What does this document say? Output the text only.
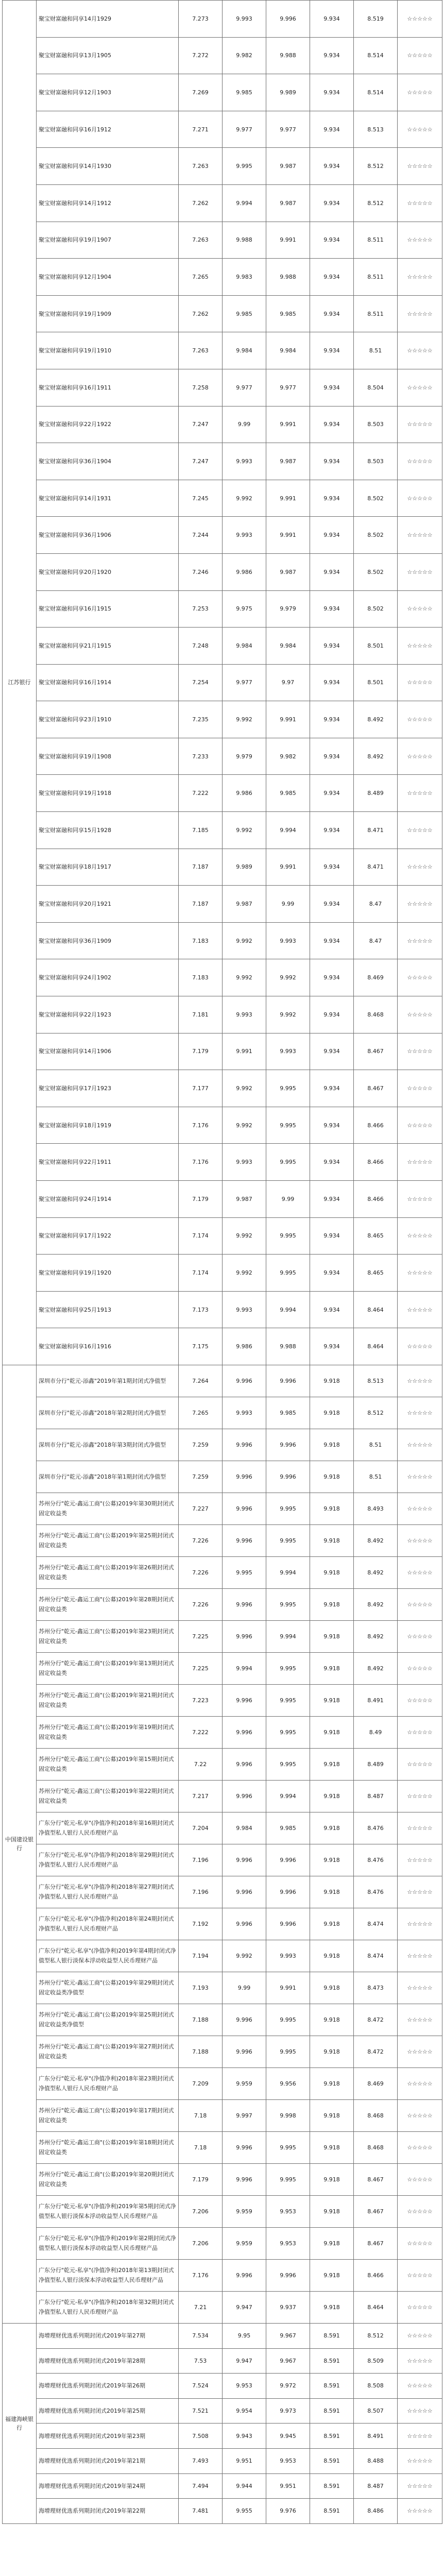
江苏银行	聚宝财富融和同享14月1929	7.273	9.993	9.996	9.934	8.519	☆☆☆☆☆
	聚宝财富融和同享13月1905	7.272	9.982	9.988	9.934	8.514	☆☆☆☆☆
	聚宝财富融和同享12月1903	7.269	9.985	9.989	9.934	8.514	☆☆☆☆☆
	聚宝财富融和同享16月1912	7.271	9.977	9.977	9.934	8.513	☆☆☆☆☆
	聚宝财富融和同享14月1930	7.263	9.995	9.987	9.934	8.512	☆☆☆☆☆
	聚宝财富融和同享14月1912	7.262	9.994	9.987	9.934	8.512	☆☆☆☆☆
	聚宝财富融和同享19月1907	7.263	9.988	9.991	9.934	8.511	☆☆☆☆☆
	聚宝财富融和同享12月1904	7.265	9.983	9.988	9.934	8.511	☆☆☆☆☆
	聚宝财富融和同享19月1909	7.262	9.985	9.985	9.934	8.511	☆☆☆☆☆
	聚宝财富融和同享19月1910	7.263	9.984	9.984	9.934	8.51	☆☆☆☆☆
	聚宝财富融和同享16月1911	7.258	9.977	9.977	9.934	8.504	☆☆☆☆☆
	聚宝财富融和同享22月1922	7.247	9.99	9.991	9.934	8.503	☆☆☆☆☆
	聚宝财富融和同享36月1904	7.247	9.993	9.987	9.934	8.503	☆☆☆☆☆
	聚宝财富融和同享14月1931	7.245	9.992	9.991	9.934	8.502	☆☆☆☆☆
	聚宝财富融和同享36月1906	7.244	9.993	9.991	9.934	8.502	☆☆☆☆☆
	聚宝财富融和同享20月1920	7.246	9.986	9.987	9.934	8.502	☆☆☆☆☆
	聚宝财富融和同享16月1915	7.253	9.975	9.979	9.934	8.502	☆☆☆☆☆
	聚宝财富融和同享21月1915	7.248	9.984	9.984	9.934	8.501	☆☆☆☆☆
	聚宝财富融和同享16月1914	7.254	9.977	9.97	9.934	8.501	☆☆☆☆☆
	聚宝财富融和同享23月1910	7.235	9.992	9.991	9.934	8.492	☆☆☆☆☆
	聚宝财富融和同享19月1908	7.233	9.979	9.982	9.934	8.492	☆☆☆☆☆
	聚宝财富融和同享19月1918	7.222	9.986	9.985	9.934	8.489	☆☆☆☆☆
	聚宝财富融和同享15月1928	7.185	9.992	9.994	9.934	8.471	☆☆☆☆☆
	聚宝财富融和同享18月1917	7.187	9.989	9.991	9.934	8.471	☆☆☆☆☆
	聚宝财富融和同享20月1921	7.187	9.987	9.99	9.934	8.47	☆☆☆☆☆
	聚宝财富融和同享36月1909	7.183	9.992	9.993	9.934	8.47	☆☆☆☆☆
	聚宝财富融和同享24月1902	7.183	9.992	9.992	9.934	8.469	☆☆☆☆☆
	聚宝财富融和同享22月1923	7.181	9.993	9.992	9.934	8.468	☆☆☆☆☆
	聚宝财富融和同享14月1906	7.179	9.991	9.993	9.934	8.467	☆☆☆☆☆
	聚宝财富融和同享17月1923	7.177	9.992	9.995	9.934	8.467	☆☆☆☆☆
	聚宝财富融和同享18月1919	7.176	9.992	9.995	9.934	8.466	☆☆☆☆☆
	聚宝财富融和同享22月1911	7.176	9.993	9.995	9.934	8.466	☆☆☆☆☆
	聚宝财富融和同享24月1914	7.179	9.987	9.99	9.934	8.466	☆☆☆☆☆
	聚宝财富融和同享17月1922	7.174	9.992	9.995	9.934	8.465	☆☆☆☆☆
	聚宝财富融和同享19月1920	7.174	9.992	9.995	9.934	8.465	☆☆☆☆☆
	聚宝财富融和同享25月1913	7.173	9.993	9.994	9.934	8.464	☆☆☆☆☆
	聚宝财富融和同享16月1916	7.175	9.986	9.988	9.934	8.464	☆☆☆☆☆
中国建设银行	深圳市分行"乾元-添鑫"2019年第1期封闭式净值型	7.264	9.996	9.996	9.918	8.513	☆☆☆☆☆
	深圳市分行"乾元-添鑫"2018年第2期封闭式净值型	7.265	9.993	9.985	9.918	8.512	☆☆☆☆☆
	深圳市分行"乾元-添鑫"2018年第3期封闭式净值型	7.259	9.996	9.996	9.918	8.51	☆☆☆☆☆
	深圳市分行"乾元-添鑫"2018年第1期封闭式净值型	7.259	9.996	9.996	9.918	8.51	☆☆☆☆☆
	苏州分行"乾元-鑫运工商"(公募)2019年第30期封闭式固定收益类	7.227	9.996	9.995	9.918	8.493	☆☆☆☆☆
	苏州分行"乾元-鑫运工商"(公募)2019年第25期封闭式固定收益类	7.226	9.996	9.995	9.918	8.492	☆☆☆☆☆
	苏州分行"乾元-鑫运工商"(公募)2019年第26期封闭式固定收益类	7.226	9.995	9.994	9.918	8.492	☆☆☆☆☆
	苏州分行"乾元-鑫运工商"(公募)2019年第28期封闭式固定收益类	7.226	9.996	9.995	9.918	8.492	☆☆☆☆☆
	苏州分行"乾元-鑫运工商"(公募)2019年第23期封闭式固定收益类	7.225	9.996	9.994	9.918	8.492	☆☆☆☆☆
	苏州分行"乾元-鑫运工商"(公募)2019年第13期封闭式固定收益类	7.225	9.994	9.995	9.918	8.492	☆☆☆☆☆
	苏州分行"乾元-鑫运工商"(公募)2019年第21期封闭式固定收益类	7.223	9.996	9.995	9.918	8.491	☆☆☆☆☆
	苏州分行"乾元-鑫运工商"(公募)2019年第19期封闭式固定收益类	7.222	9.996	9.995	9.918	8.49	☆☆☆☆☆
	苏州分行"乾元-鑫运工商"(公募)2019年第15期封闭式固定收益类	7.22	9.996	9.995	9.918	8.489	☆☆☆☆☆
	苏州分行"乾元-鑫运工商"(公募)2019年第22期封闭式固定收益类	7.217	9.996	9.994	9.918	8.487	☆☆☆☆☆
	广东分行"乾元-私享"(净值净利)2018年第16期封闭式净值型私人银行人民币理财产品	7.204	9.984	9.985	9.918	8.476	☆☆☆☆☆
	广东分行"乾元-私享"(净值净利)2018年第29期封闭式净值型私人银行人民币理财产品	7.196	9.996	9.996	9.918	8.476	☆☆☆☆☆
	广东分行"乾元-私享"(净值净利)2018年第27期封闭式净值型私人银行人民币理财产品	7.196	9.996	9.996	9.918	8.476	☆☆☆☆☆
	广东分行"乾元-私享"(净值净利)2018年第24期封闭式净值型私人银行人民币理财产品	7.192	9.996	9.996	9.918	8.474	☆☆☆☆☆
	广东分行"乾元-私享"(净值净利)2019年第4期封闭式净值型私人银行淡保本浮动收益型人民币理财产品	7.194	9.992	9.993	9.918	8.474	☆☆☆☆☆
	苏州分行"乾元-鑫运工商"(公募)2019年第29期封闭式固定收益类净值型	7.193	9.99	9.991	9.918	8.473	☆☆☆☆☆
	苏州分行"乾元-鑫运工商"(公募)2019年第25期封闭式固定收益类净值型	7.188	9.996	9.995	9.918	8.472	☆☆☆☆☆
	苏州分行"乾元-鑫运工商"(公募)2019年第27期封闭式固定收益类	7.188	9.996	9.995	9.918	8.472	☆☆☆☆☆
	广东分行"乾元-私享"(净值净利)2018年第23期封闭式净值型私人银行人民币理财产品	7.209	9.959	9.956	9.918	8.469	☆☆☆☆☆
	苏州分行"乾元-鑫运工商"(公募)2019年第17期封闭式固定收益类	7.18	9.997	9.998	9.918	8.468	☆☆☆☆☆
	苏州分行"乾元-鑫运工商"(公募)2019年第18期封闭式固定收益类	7.18	9.996	9.995	9.918	8.468	☆☆☆☆☆
	苏州分行"乾元-鑫运工商"(公募)2019年第20期封闭式固定收益类	7.179	9.996	9.995	9.918	8.467	☆☆☆☆☆
	广东分行"乾元-私享"(净值净利)2019年第5期封闭式净值型私人银行淡保本浮动收益型人民币理财产品	7.206	9.959	9.953	9.918	8.467	☆☆☆☆☆
	广东分行"乾元-私享"(净值净利)2019年第2期封闭式净值型私人银行淡保本浮动收益型人民币理财产品	7.206	9.959	9.953	9.918	8.467	☆☆☆☆☆
	广东分行"乾元-私享"(净值净利)2018年第13期封闭式净值型私人银行淡保本浮动收益型人民币理财产品	7.176	9.996	9.996	9.918	8.466	☆☆☆☆☆
	广东分行"乾元-私享"(净值净利)2018年第32期封闭式净值型私人银行人民币理财产品	7.21	9.947	9.937	9.918	8.464	☆☆☆☆☆
福建海峡银行	海增理财优选系列期封闭式2019年第27期	7.534	9.95	9.967	8.591	8.512	☆☆☆☆☆
	海增理财优选系列期封闭式2019年第28期	7.53	9.947	9.967	8.591	8.509	☆☆☆☆☆
	海增理财优选系列期封闭式2019年第26期	7.524	9.953	9.972	8.591	8.508	☆☆☆☆☆
	海增理财优选系列期封闭式2019年第25期	7.521	9.954	9.973	8.591	8.507	☆☆☆☆☆
	海增理财优选系列期封闭式2019年第23期	7.508	9.943	9.945	8.591	8.491	☆☆☆☆☆
	海增理财优选系列期封闭式2019年第21期	7.493	9.951	9.953	8.591	8.488	☆☆☆☆☆
	海增理财优选系列期封闭式2019年第24期	7.494	9.944	9.951	8.591	8.487	☆☆☆☆☆
	海增理财优选系列期封闭式2019年第22期	7.481	9.955	9.976	8.591	8.486	☆☆☆☆☆
